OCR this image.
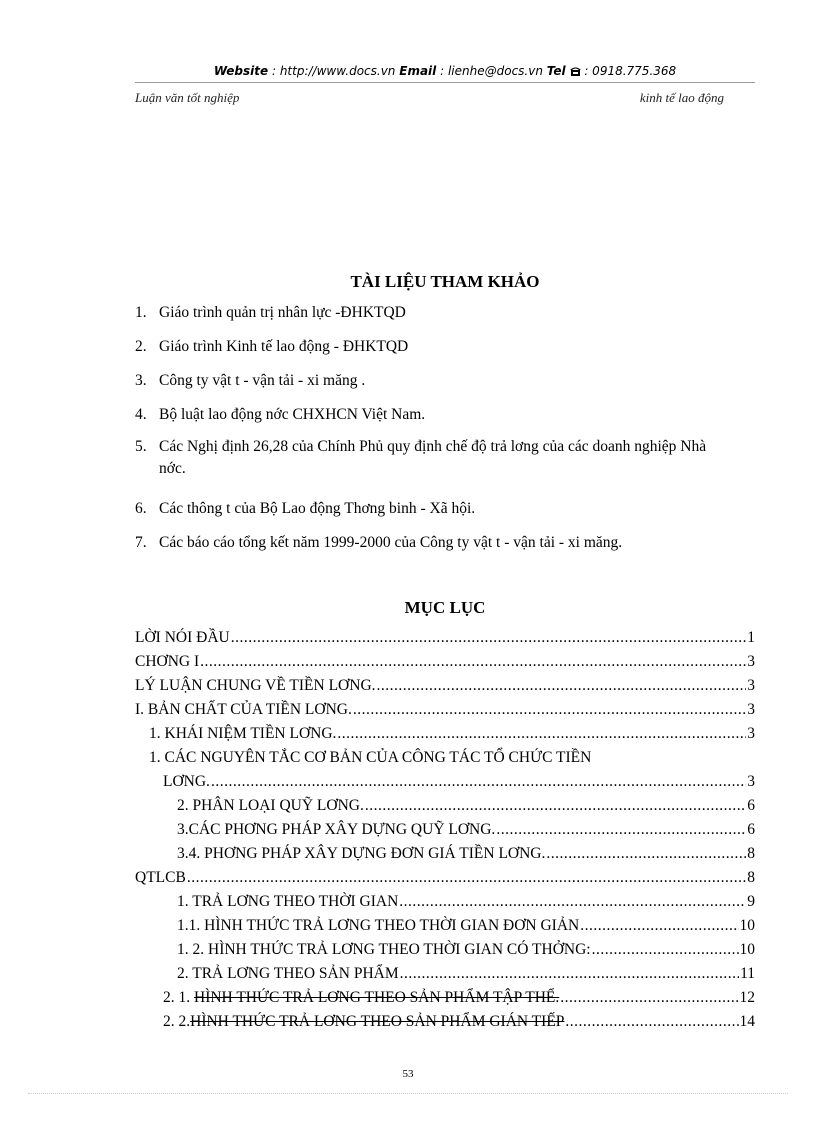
Website : http://www.docs.vn Email : lienhe@docs.vn Tel : 0918.775.368
Luận văn tốt nghiệp	kinh tế lao động
TÀI LIỆU THAM KHẢO
1. Giáo trình quản trị nhân lực -ĐHKTQD
2. Giáo trình Kinh tế lao động - ĐHKTQD
3. Công ty vật t - vận tải - xi măng .
4. Bộ luật lao động nớc CHXHCN Việt Nam.
5. Các Nghị định 26,28 của Chính Phủ quy định chế độ trả lơng của các doanh nghiệp Nhà nớc.
6. Các thông t của Bộ Lao động Thơng binh - Xã hội.
7. Các báo cáo tổng kết năm 1999-2000 của Công ty vật t - vận tải - xi măng.
MỤC LỤC
LỜI NÓI ĐẦU .....	1
CHƠNG I .....	3
LÝ LUẬN CHUNG VỀ TIỀN LƠNG. .....	3
I. BẢN CHẤT CỦA TIỀN LƠNG. .....	3
1. KHÁI NIỆM TIỀN LƠNG. .....	3
1. CÁC NGUYÊN TẮC CƠ BẢN CỦA CÔNG TÁC TỔ CHỨC TIỀN
LƠNG. .....	3
2. PHÂN LOẠI QUỸ LƠNG. .....	6
3.CÁC PHƠNG PHÁP XÂY DỰNG QUỸ LƠNG. .....	6
3.4. PHƠNG PHÁP XÂY DỰNG ĐƠN GIÁ TIỀN LƠNG. .....	8
QTLCB .....	8
1. TRẢ LƠNG THEO THỜI GIAN .....	9
1.1. HÌNH THỨC TRẢ LƠNG THEO THỜI GIAN ĐƠN GIẢN .....	10
1. 2. HÌNH THỨC TRẢ LƠNG THEO THỜI GIAN CÓ THỞNG: .....	10
2. TRẢ LƠNG THEO SẢN PHẨM .....	11
2. 1. HÌNH THỨC TRẢ LƠNG THEO SẢN PHẨM TẬP THỂ. .....	12
2. 2.HÌNH THỨC TRẢ LƠNG THEO SẢN PHẨM GIÁN TIẾP .....	14
53
